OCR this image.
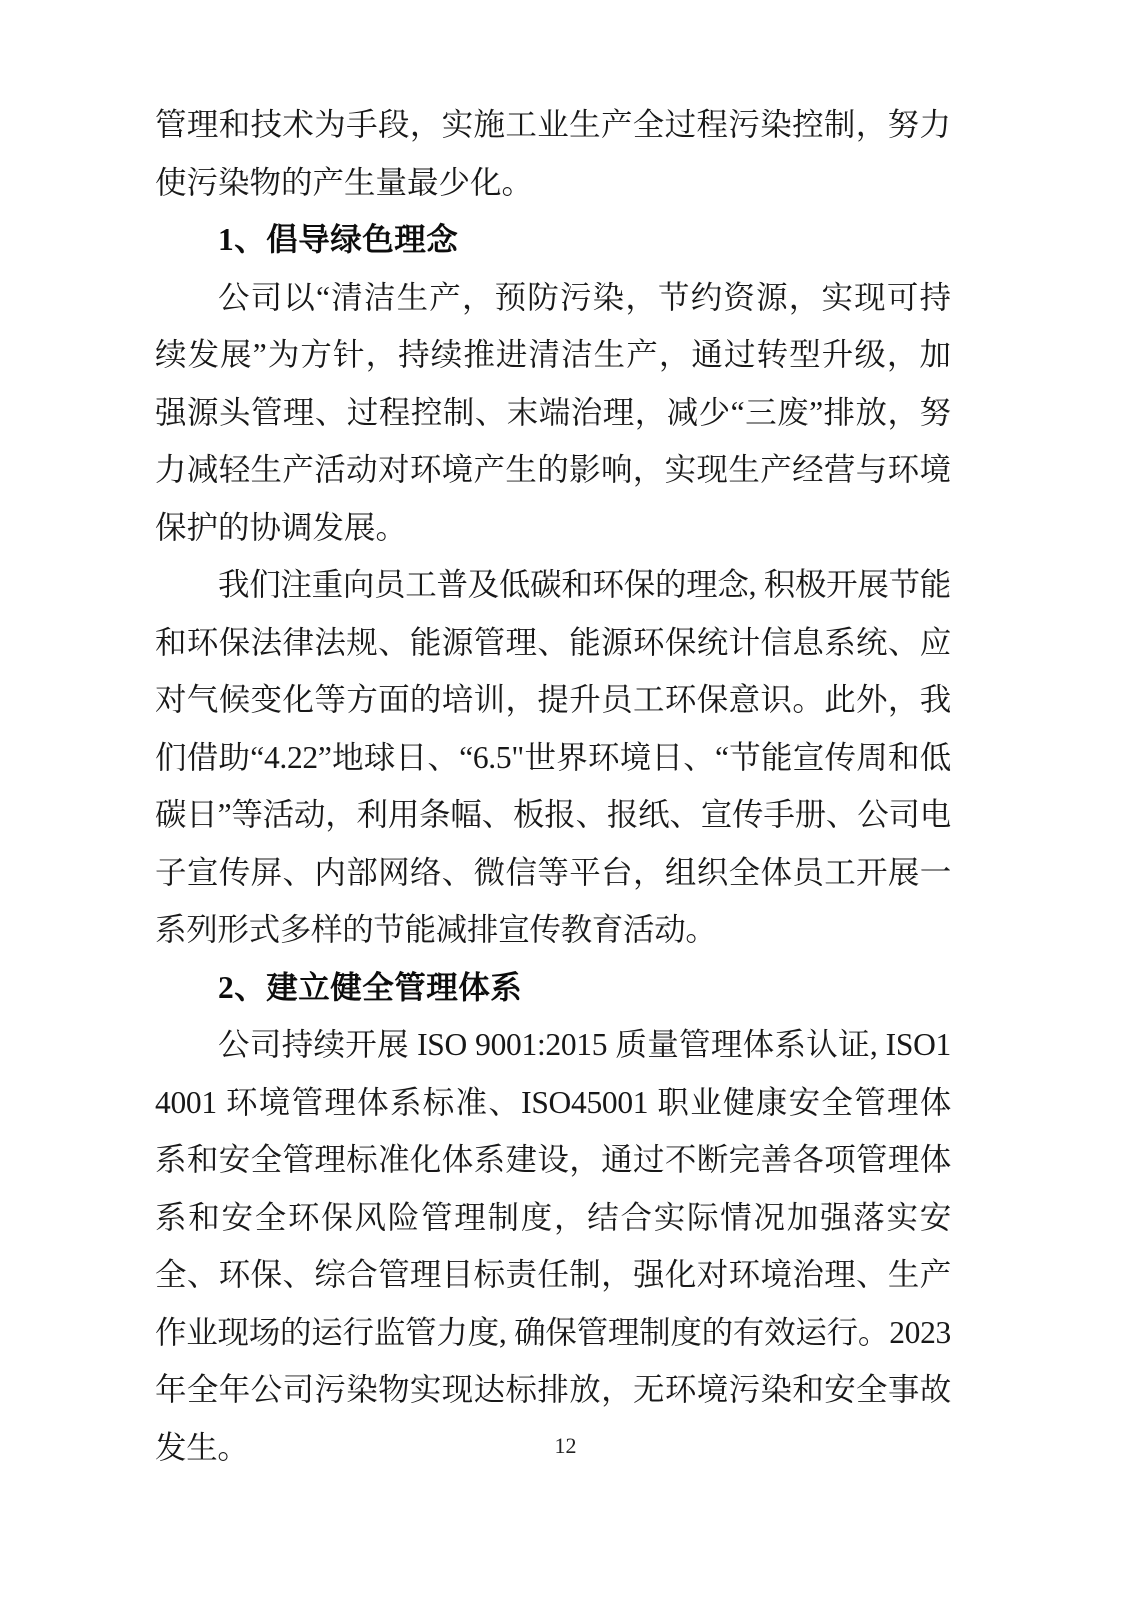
管理和技术为手段，实施工业生产全过程污染控制，努力使污染物的产生量最少化。

1、倡导绿色理念

公司以“清洁生产，预防污染，节约资源，实现可持续发展”为方针，持续推进清洁生产，通过转型升级，加强源头管理、过程控制、末端治理，减少“三废”排放，努力减轻生产活动对环境产生的影响，实现生产经营与环境保护的协调发展。

我们注重向员工普及低碳和环保的理念, 积极开展节能和环保法律法规、能源管理、能源环保统计信息系统、应对气候变化等方面的培训，提升员工环保意识。此外，我们借助“4.22”地球日、“6.5"世界环境日、“节能宣传周和低碳日”等活动，利用条幅、板报、报纸、宣传手册、公司电子宣传屏、内部网络、微信等平台，组织全体员工开展一系列形式多样的节能减排宣传教育活动。

2、建立健全管理体系

公司持续开展 ISO 9001:2015 质量管理体系认证, ISO14001 环境管理体系标准、ISO45001 职业健康安全管理体系和安全管理标准化体系建设，通过不断完善各项管理体系和安全环保风险管理制度，结合实际情况加强落实安全、环保、综合管理目标责任制，强化对环境治理、生产作业现场的运行监管力度, 确保管理制度的有效运行。2023年全年公司污染物实现达标排放，无环境污染和安全事故发生。	12
